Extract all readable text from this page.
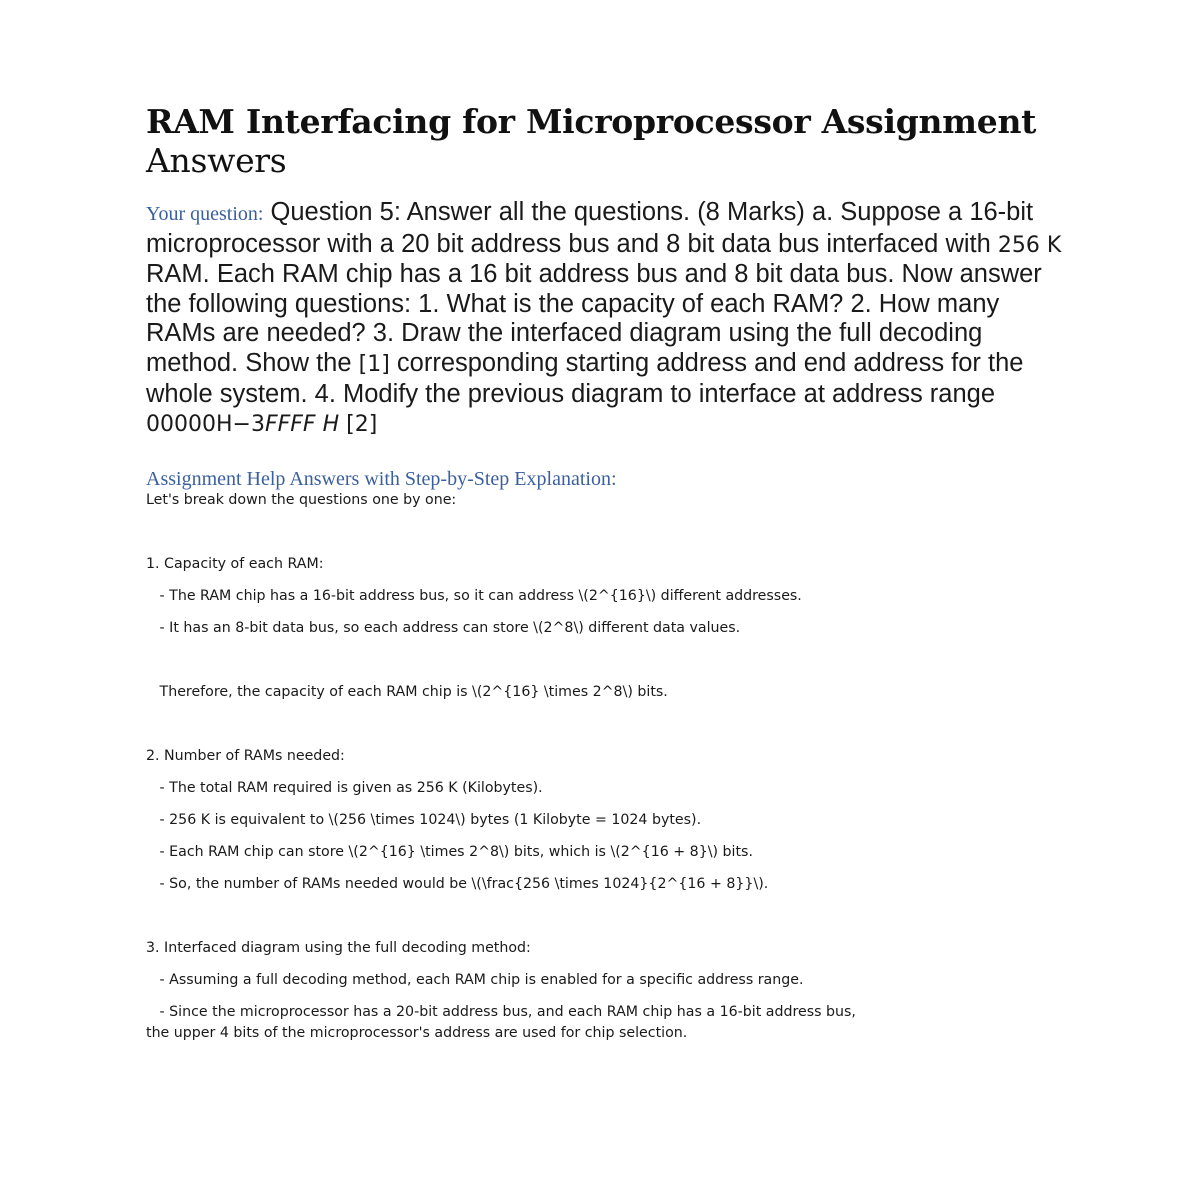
RAM Interfacing for Microprocessor Assignment Answers
Your question: Question 5: Answer all the questions. (8 Marks) a. Suppose a 16-bit microprocessor with a 20 bit address bus and 8 bit data bus interfaced with 256 K RAM. Each RAM chip has a 16 bit address bus and 8 bit data bus. Now answer the following questions: 1. What is the capacity of each RAM? 2. How many RAMs are needed? 3. Draw the interfaced diagram using the full decoding method. Show the [1] corresponding starting address and end address for the whole system. 4. Modify the previous diagram to interface at address range 00000H−3FFFF H [2]
Assignment Help Answers with Step-by-Step Explanation:

Let's break down the questions one by one:

1. Capacity of each RAM:

- The RAM chip has a 16-bit address bus, so it can address \(2^{16}\) different addresses.

- It has an 8-bit data bus, so each address can store \(2^8\) different data values.

Therefore, the capacity of each RAM chip is \(2^{16} \times 2^8\) bits.

2. Number of RAMs needed:

- The total RAM required is given as 256 K (Kilobytes).

- 256 K is equivalent to \(256 \times 1024\) bytes (1 Kilobyte = 1024 bytes).

- Each RAM chip can store \(2^{16} \times 2^8\) bits, which is \(2^{16 + 8}\) bits.

- So, the number of RAMs needed would be \(\frac{256 \times 1024}{2^{16 + 8}}\).

3. Interfaced diagram using the full decoding method:

- Assuming a full decoding method, each RAM chip is enabled for a specific address range.

- Since the microprocessor has a 20-bit address bus, and each RAM chip has a 16-bit address bus,

the upper 4 bits of the microprocessor's address are used for chip selection.
